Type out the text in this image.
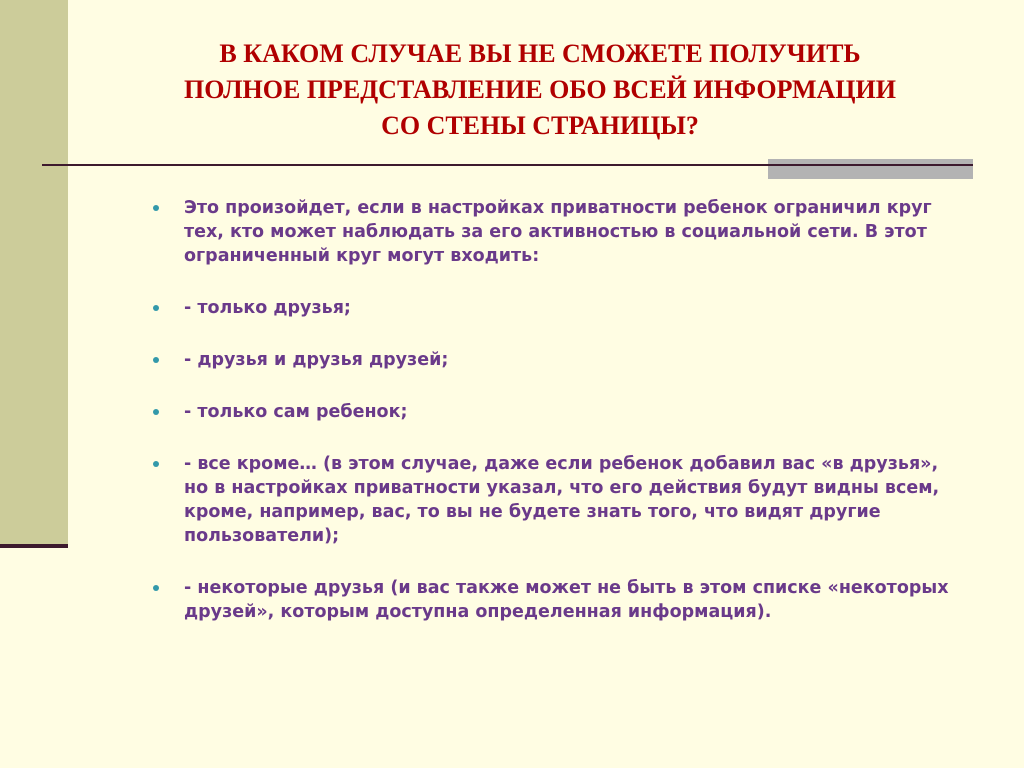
В КАКОМ СЛУЧАЕ ВЫ НЕ СМОЖЕТЕ ПОЛУЧИТЬ
ПОЛНОЕ ПРЕДСТАВЛЕНИЕ ОБО ВСЕЙ ИНФОРМАЦИИ
СО СТЕНЫ СТРАНИЦЫ?
Это произойдет, если в настройках приватности ребенок ограничил круг тех, кто может наблюдать за его активностью в социальной сети. В этот ограниченный круг могут входить:
- только друзья;
- друзья и друзья друзей;
- только сам ребенок;
- все кроме… (в этом случае, даже если ребенок добавил вас «в друзья», но в настройках приватности указал, что его действия будут видны всем, кроме, например, вас, то вы не будете знать того, что видят другие пользователи);
- некоторые друзья (и вас также может не быть в этом списке «некоторых друзей», которым доступна определенная информация).
